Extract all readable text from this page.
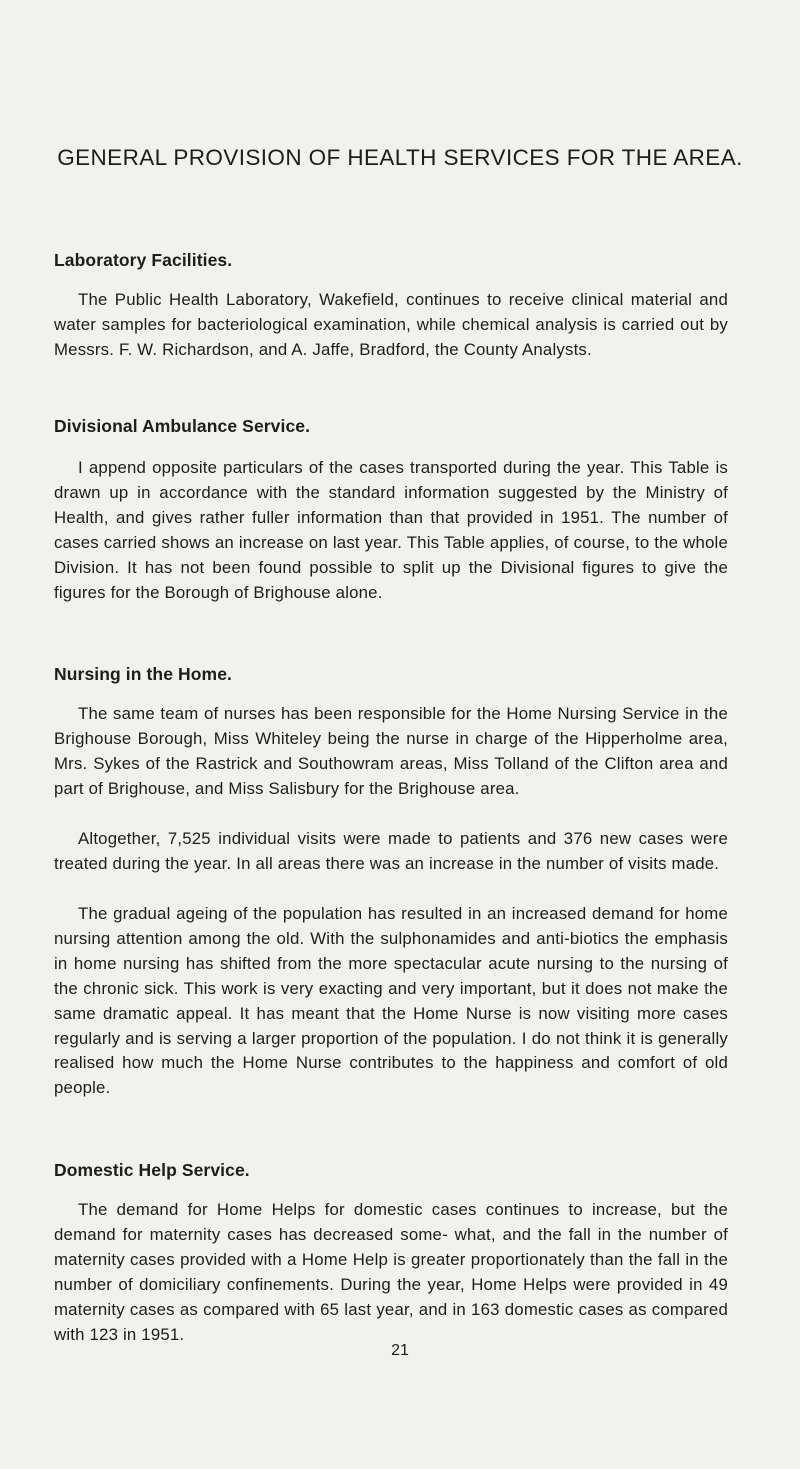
GENERAL PROVISION OF HEALTH SERVICES FOR THE AREA.
Laboratory Facilities.

The Public Health Laboratory, Wakefield, continues to receive clinical material and water samples for bacteriological examination, while chemical analysis is carried out by Messrs. F. W. Richardson, and A. Jaffe, Bradford, the County Analysts.

Divisional Ambulance Service.

I append opposite particulars of the cases transported during the year. This Table is drawn up in accordance with the standard information suggested by the Ministry of Health, and gives rather fuller information than that provided in 1951. The number of cases carried shows an increase on last year. This Table applies, of course, to the whole Division. It has not been found possible to split up the Divisional figures to give the figures for the Borough of Brighouse alone.

Nursing in the Home.

The same team of nurses has been responsible for the Home Nursing Service in the Brighouse Borough, Miss Whiteley being the nurse in charge of the Hipperholme area, Mrs. Sykes of the Rastrick and Southowram areas, Miss Tolland of the Clifton area and part of Brighouse, and Miss Salisbury for the Brighouse area.

Altogether, 7,525 individual visits were made to patients and 376 new cases were treated during the year. In all areas there was an increase in the number of visits made.

The gradual ageing of the population has resulted in an increased demand for home nursing attention among the old. With the sulphonamides and anti-biotics the emphasis in home nursing has shifted from the more spectacular acute nursing to the nursing of the chronic sick. This work is very exacting and very important, but it does not make the same dramatic appeal. It has meant that the Home Nurse is now visiting more cases regularly and is serving a larger proportion of the population. I do not think it is generally realised how much the Home Nurse contributes to the happiness and comfort of old people.

Domestic Help Service.

The demand for Home Helps for domestic cases continues to increase, but the demand for maternity cases has decreased some- what, and the fall in the number of maternity cases provided with a Home Help is greater proportionately than the fall in the number of domiciliary confinements. During the year, Home Helps were provided in 49 maternity cases as compared with 65 last year, and in 163 domestic cases as compared with 123 in 1951.

21
